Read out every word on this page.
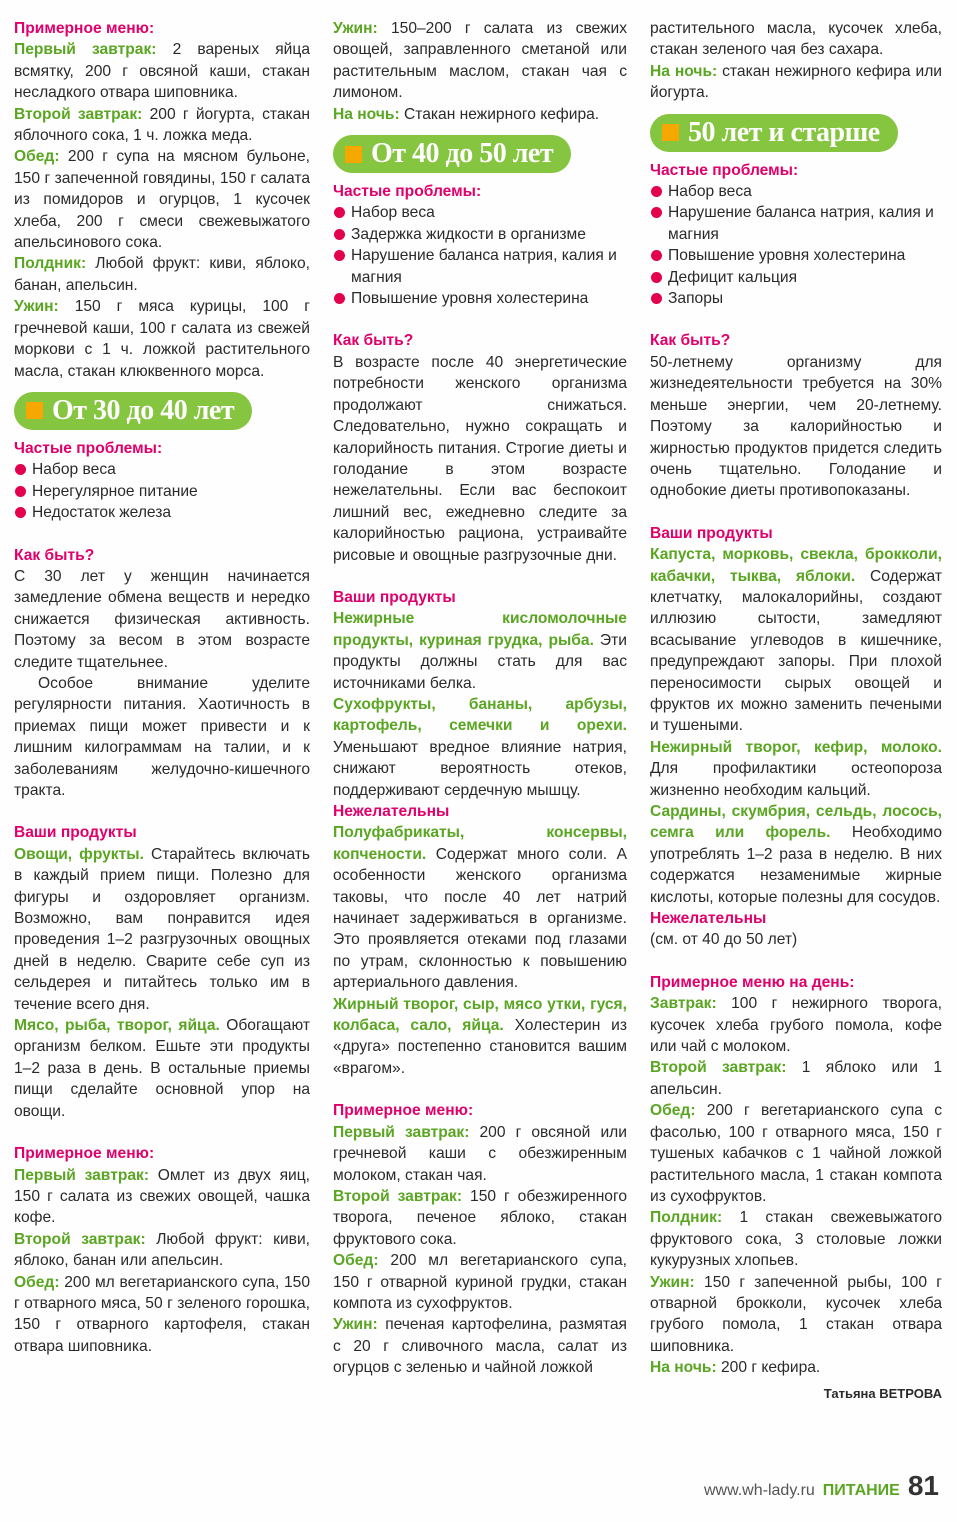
Примерное меню:

Первый завтрак: 2 вареных яйца всмятку, 200 г овсяной каши, стакан несладкого отвара шиповника.

Второй завтрак: 200 г йогурта, стакан яблочного сока, 1 ч. ложка меда.

Обед: 200 г супа на мясном бульоне, 150 г запеченной говядины, 150 г салата из помидоров и огурцов, 1 кусочек хлеба, 200 г смеси свежевыжатого апельсинового сока.

Полдник: Любой фрукт: киви, яблоко, банан, апельсин.

Ужин: 150 г мяса курицы, 100 г гречневой каши, 100 г салата из свежей моркови с 1 ч. ложкой растительного масла, стакан клюквенного морса.

От 30 до 40 лет

Частые проблемы:

Набор веса
Нерегулярное питание
Недостаток железа

Как быть?

С 30 лет у женщин начинается замедление обмена веществ и нередко снижается физическая активность. Поэтому за весом в этом возрасте следите тщательнее.

Особое внимание уделите регулярности питания. Хаотичность в приемах пищи может привести и к лишним килограммам на талии, и к заболеваниям желудочно-кишечного тракта.

Ваши продукты

Овощи, фрукты. Старайтесь включать в каждый прием пищи. Полезно для фигуры и оздоровляет организм. Возможно, вам понравится идея проведения 1–2 разгрузочных овощных дней в неделю. Сварите себе суп из сельдерея и питайтесь только им в течение всего дня.

Мясо, рыба, творог, яйца. Обогащают организм белком. Ешьте эти продукты 1–2 раза в день. В остальные приемы пищи сделайте основной упор на овощи.

Примерное меню:

Первый завтрак: Омлет из двух яиц, 150 г салата из свежих овощей, чашка кофе.

Второй завтрак: Любой фрукт: киви, яблоко, банан или апельсин.

Обед: 200 мл вегетарианского супа, 150 г отварного мяса, 50 г зеленого горошка, 150 г отварного картофеля, стакан отвара шиповника.

Ужин: 150–200 г салата из свежих овощей, заправленного сметаной или растительным маслом, стакан чая с лимоном.

На ночь: Стакан нежирного кефира.

От 40 до 50 лет

Частые проблемы:

Набор веса
Задержка жидкости в организме
Нарушение баланса натрия, калия и магния
Повышение уровня холестерина

Как быть?

В возрасте после 40 энергетические потребности женского организма продолжают снижаться. Следовательно, нужно сокращать и калорийность питания. Строгие диеты и голодание в этом возрасте нежелательны. Если вас беспокоит лишний вес, ежедневно следите за калорийностью рациона, устраивайте рисовые и овощные разгрузочные дни.

Ваши продукты

Нежирные кисломолочные продукты, куриная грудка, рыба. Эти продукты должны стать для вас источниками белка.

Сухофрукты, бананы, арбузы, картофель, семечки и орехи. Уменьшают вредное влияние натрия, снижают вероятность отеков, поддерживают сердечную мышцу.

Нежелательны

Полуфабрикаты, консервы, копчености. Содержат много соли. А особенности женского организма таковы, что после 40 лет натрий начинает задерживаться в организме. Это проявляется отеками под глазами по утрам, склонностью к повышению артериального давления.

Жирный творог, сыр, мясо утки, гуся, колбаса, сало, яйца. Холестерин из «друга» постепенно становится вашим «врагом».

Примерное меню:

Первый завтрак: 200 г овсяной или гречневой каши с обезжиренным молоком, стакан чая.

Второй завтрак: 150 г обезжиренного творога, печеное яблоко, стакан фруктового сока.

Обед: 200 мл вегетарианского супа, 150 г отварной куриной грудки, стакан компота из сухофруктов.

Ужин: печеная картофелина, размятая с 20 г сливочного масла, салат из огурцов с зеленью и чайной ложкой

растительного масла, кусочек хлеба, стакан зеленого чая без сахара.

На ночь: стакан нежирного кефира или йогурта.

50 лет и старше

Частые проблемы:

Набор веса
Нарушение баланса натрия, калия и магния
Повышение уровня холестерина
Дефицит кальция
Запоры

Как быть?

50-летнему организму для жизнедеятельности требуется на 30% меньше энергии, чем 20-летнему. Поэтому за калорийностью и жирностью продуктов придется следить очень тщательно. Голодание и однобокие диеты противопоказаны.

Ваши продукты

Капуста, морковь, свекла, брокколи, кабачки, тыква, яблоки. Содержат клетчатку, малокалорийны, создают иллюзию сытости, замедляют всасывание углеводов в кишечнике, предупреждают запоры. При плохой переносимости сырых овощей и фруктов их можно заменить печеными и тушеными.

Нежирный творог, кефир, молоко. Для профилактики остеопороза жизненно необходим кальций.

Сардины, скумбрия, сельдь, лосось, семга или форель. Необходимо употреблять 1–2 раза в неделю. В них содержатся незаменимые жирные кислоты, которые полезны для сосудов.

Нежелательны

(см. от 40 до 50 лет)

Примерное меню на день:

Завтрак: 100 г нежирного творога, кусочек хлеба грубого помола, кофе или чай с молоком.

Второй завтрак: 1 яблоко или 1 апельсин.

Обед: 200 г вегетарианского супа с фасолью, 100 г отварного мяса, 150 г тушеных кабачков с 1 чайной ложкой растительного масла, 1 стакан компота из сухофруктов.

Полдник: 1 стакан свежевыжатого фруктового сока, 3 столовые ложки кукурузных хлопьев.

Ужин: 150 г запеченной рыбы, 100 г отварной брокколи, кусочек хлеба грубого помола, 1 стакан отвара шиповника.

На ночь: 200 г кефира.

Татьяна ВЕТРОВА
www.wh-lady.ru ПИТАНИЕ 81
